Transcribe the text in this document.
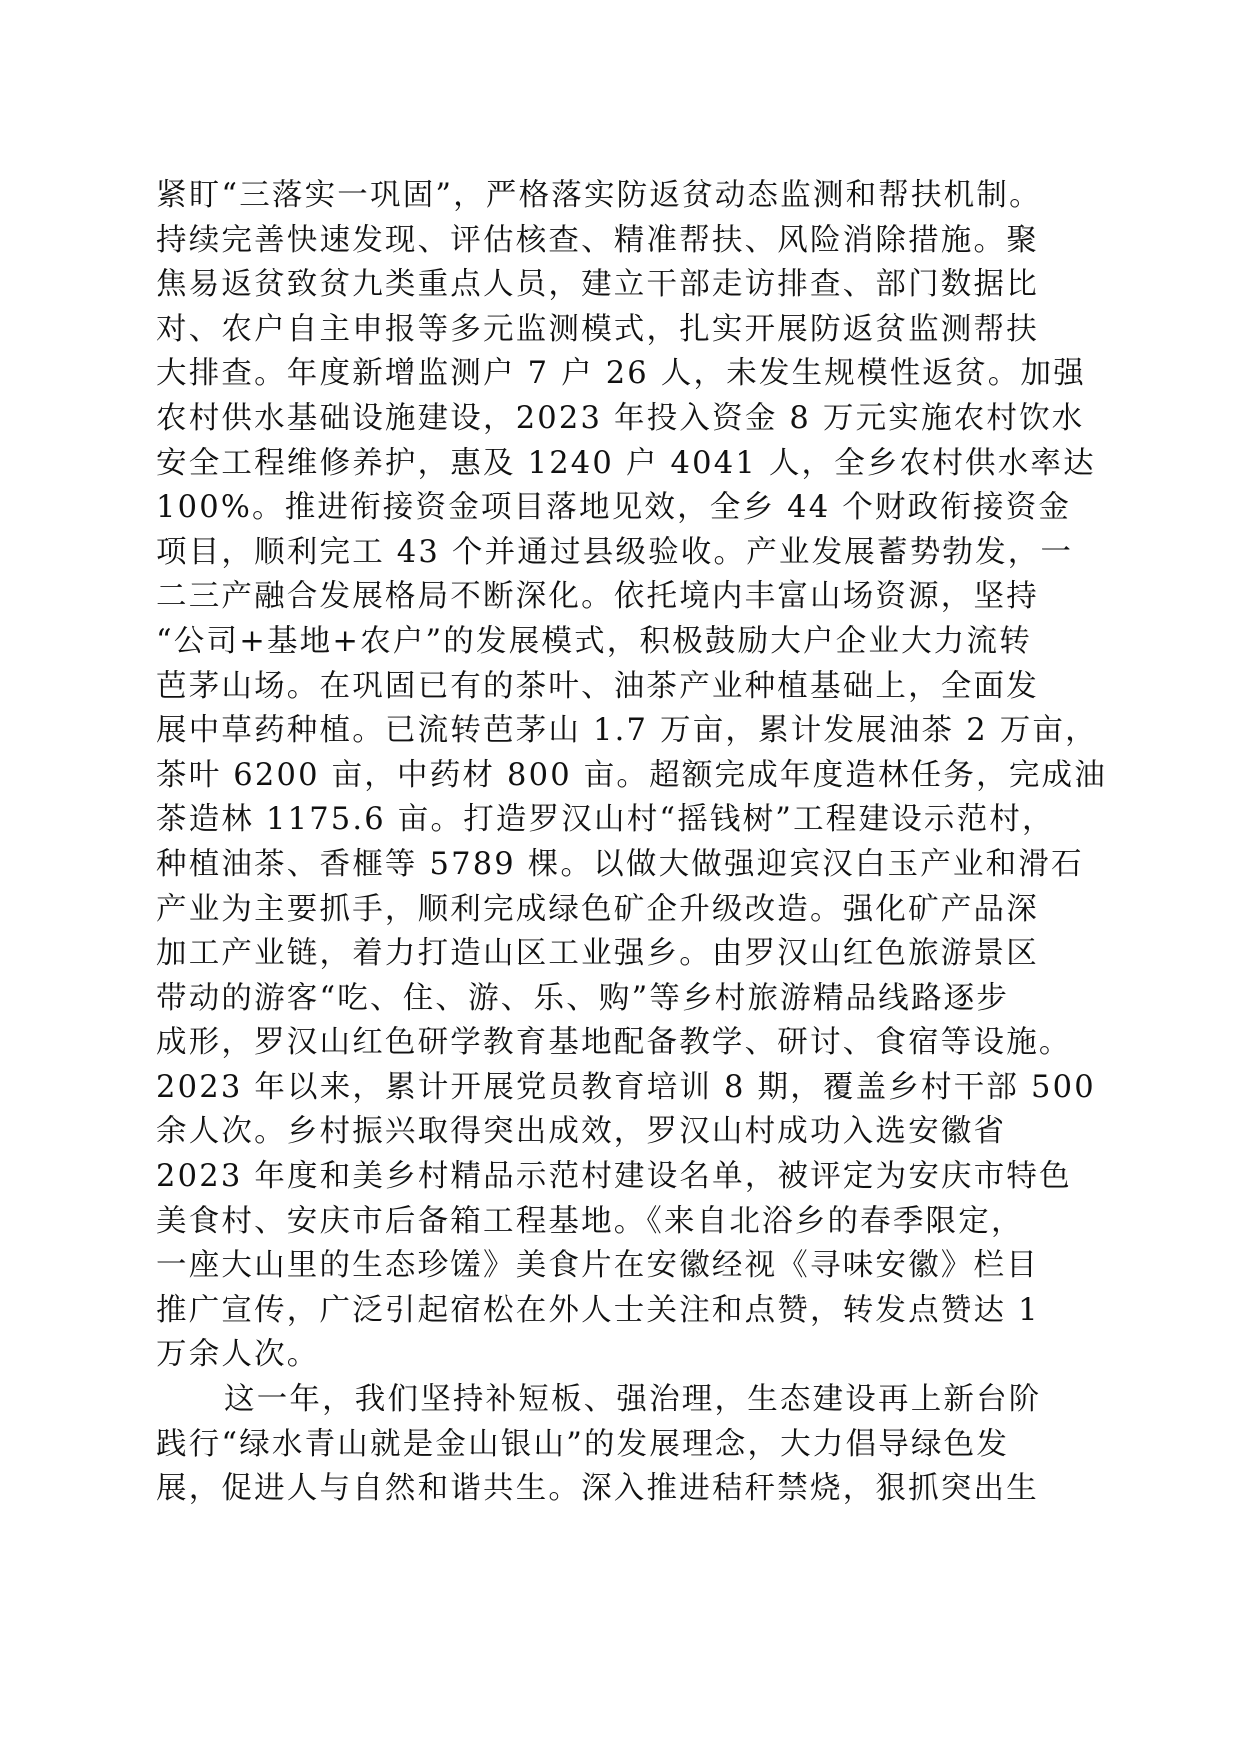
紧盯“三落实一巩固”，严格落实防返贫动态监测和帮扶机制。
持续完善快速发现、评估核查、精准帮扶、风险消除措施。聚
焦易返贫致贫九类重点人员，建立干部走访排查、部门数据比
对、农户自主申报等多元监测模式，扎实开展防返贫监测帮扶
大排查。年度新增监测户 7 户 26 人，未发生规模性返贫。加强
农村供水基础设施建设，2023 年投入资金 8 万元实施农村饮水
安全工程维修养护，惠及 1240 户 4041 人，全乡农村供水率达
100%。推进衔接资金项目落地见效，全乡 44 个财政衔接资金
项目，顺利完工 43 个并通过县级验收。产业发展蓄势勃发，一
二三产融合发展格局不断深化。依托境内丰富山场资源，坚持
“公司+基地+农户”的发展模式，积极鼓励大户企业大力流转
芭茅山场。在巩固已有的茶叶、油茶产业种植基础上，全面发
展中草药种植。已流转芭茅山 1.7 万亩，累计发展油茶 2 万亩，
茶叶 6200 亩，中药材 800 亩。超额完成年度造林任务，完成油
茶造林 1175.6 亩。打造罗汉山村“摇钱树”工程建设示范村，
种植油茶、香榧等 5789 棵。以做大做强迎宾汉白玉产业和滑石
产业为主要抓手，顺利完成绿色矿企升级改造。强化矿产品深
加工产业链，着力打造山区工业强乡。由罗汉山红色旅游景区
带动的游客“吃、住、游、乐、购”等乡村旅游精品线路逐步
成形，罗汉山红色研学教育基地配备教学、研讨、食宿等设施。
2023 年以来，累计开展党员教育培训 8 期，覆盖乡村干部 500
余人次。乡村振兴取得突出成效，罗汉山村成功入选安徽省
2023 年度和美乡村精品示范村建设名单，被评定为安庆市特色
美食村、安庆市后备箱工程基地。《来自北浴乡的春季限定，
一座大山里的生态珍馐》美食片在安徽经视《寻味安徽》栏目
推广宣传，广泛引起宿松在外人士关注和点赞，转发点赞达 1
万余人次。
这一年，我们坚持补短板、强治理，生态建设再上新台阶
践行“绿水青山就是金山银山”的发展理念，大力倡导绿色发
展，促进人与自然和谐共生。深入推进秸秆禁烧，狠抓突出生
